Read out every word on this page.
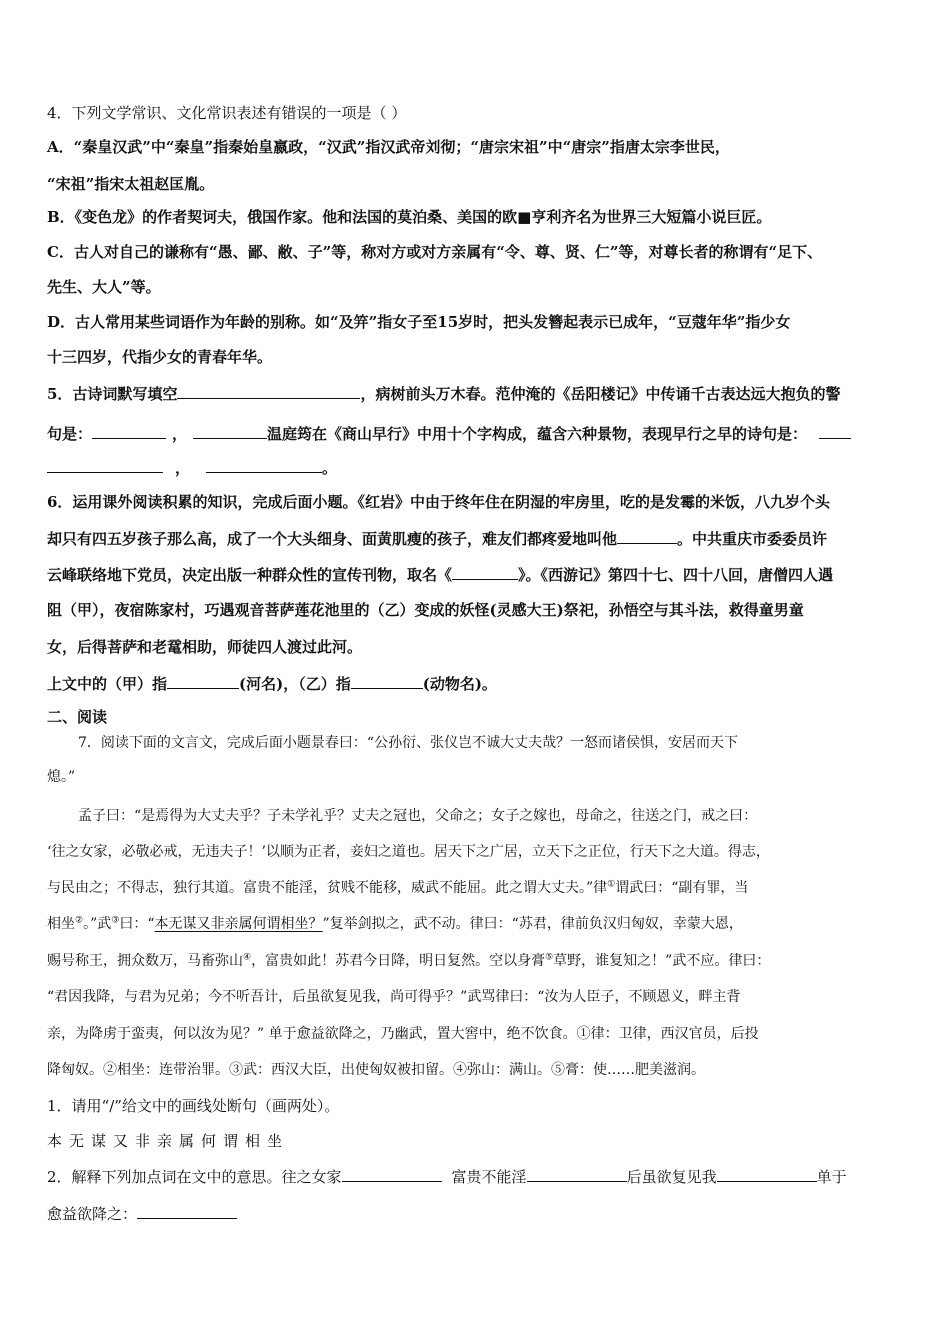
4．下列文学常识、文化常识表述有错误的一项是（ ）
A．“秦皇汉武”中“秦皇”指秦始皇嬴政，“汉武”指汉武帝刘彻；“唐宗宋祖”中“唐宗”指唐太宗李世民，
“宋祖”指宋太祖赵匡胤。
B．《变色龙》的作者契诃夫，俄国作家。他和法国的莫泊桑、美国的欧■亨利齐名为世界三大短篇小说巨匠。
C．古人对自己的谦称有“愚、鄙、敝、子”等，称对方或对方亲属有“令、尊、贤、仁”等，对尊长者的称谓有“足下、
先生、大人”等。
D．古人常用某些词语作为年龄的别称。如“及笄”指女子至15岁时，把头发簪起表示已成年，“豆蔻年华”指少女
十三四岁，代指少女的青春年华。
5．古诗词默写填空	，病树前头万木春。范仲淹的《岳阳楼记》中传诵千古表达远大抱负的警
句是：	，	温庭筠在《商山早行》中用十个字构成，蕴含六种景物，表现早行之早的诗句是：
，	。
6．运用课外阅读积累的知识，完成后面小题。《红岩》中由于终年住在阴湿的牢房里，吃的是发霉的米饭，八九岁个头
却只有四五岁孩子那么高，成了一个大头细身、面黄肌瘦的孩子，难友们都疼爱地叫他	。中共重庆市委委员许
云峰联络地下党员，决定出版一种群众性的宣传刊物，取名《	》。《西游记》第四十七、四十八回，唐僧四人遇
阻（甲），夜宿陈家村，巧遇观音菩萨莲花池里的（乙）变成的妖怪(灵感大王)祭祀，孙悟空与其斗法，救得童男童
女，后得菩萨和老鼋相助，师徒四人渡过此河。
上文中的（甲）指	(河名)，（乙）指	(动物名)。
二、阅读
7．阅读下面的文言文，完成后面小题景春曰：“公孙衍、张仪岂不诚大丈夫哉？一怒而诸侯惧，安居而天下
熄。”
孟子曰：“是焉得为大丈夫乎？子未学礼乎？丈夫之冠也，父命之；女子之嫁也，母命之，往送之门，戒之曰：
‘往之女家，必敬必戒，无违夫子！’以顺为正者，妾妇之道也。居天下之广居，立天下之正位，行天下之大道。得志，
与民由之；不得志，独行其道。富贵不能淫，贫贱不能移，威武不能屈。此之谓大丈夫。”律①谓武曰：“副有罪，当
相坐②。”武③曰：“本无谋又非亲属何谓相坐？”复举剑拟之，武不动。律曰：“苏君，律前负汉归匈奴，幸蒙大恩，
赐号称王，拥众数万，马畜弥山④，富贵如此！苏君今日降，明日复然。空以身膏⑤草野，谁复知之！”武不应。律曰：
“君因我降，与君为兄弟；今不听吾计，后虽欲复见我，尚可得乎？”武骂律曰：“汝为人臣子，不顾恩义，畔主背
亲，为降虏于蛮夷，何以汝为见？” 单于愈益欲降之，乃幽武，置大窖中，绝不饮食。①律：卫律，西汉官员，后投
降匈奴。②相坐：连带治罪。③武：西汉大臣，出使匈奴被扣留。④弥山：满山。⑤膏：使……肥美滋润。
1．请用“/”给文中的画线处断句（画两处）。
本无谋又非亲属何谓相坐
2．解释下列加点词在文中的意思。往之女家	富贵不能淫	后虽欲复见我	单于
愈益欲降之：
